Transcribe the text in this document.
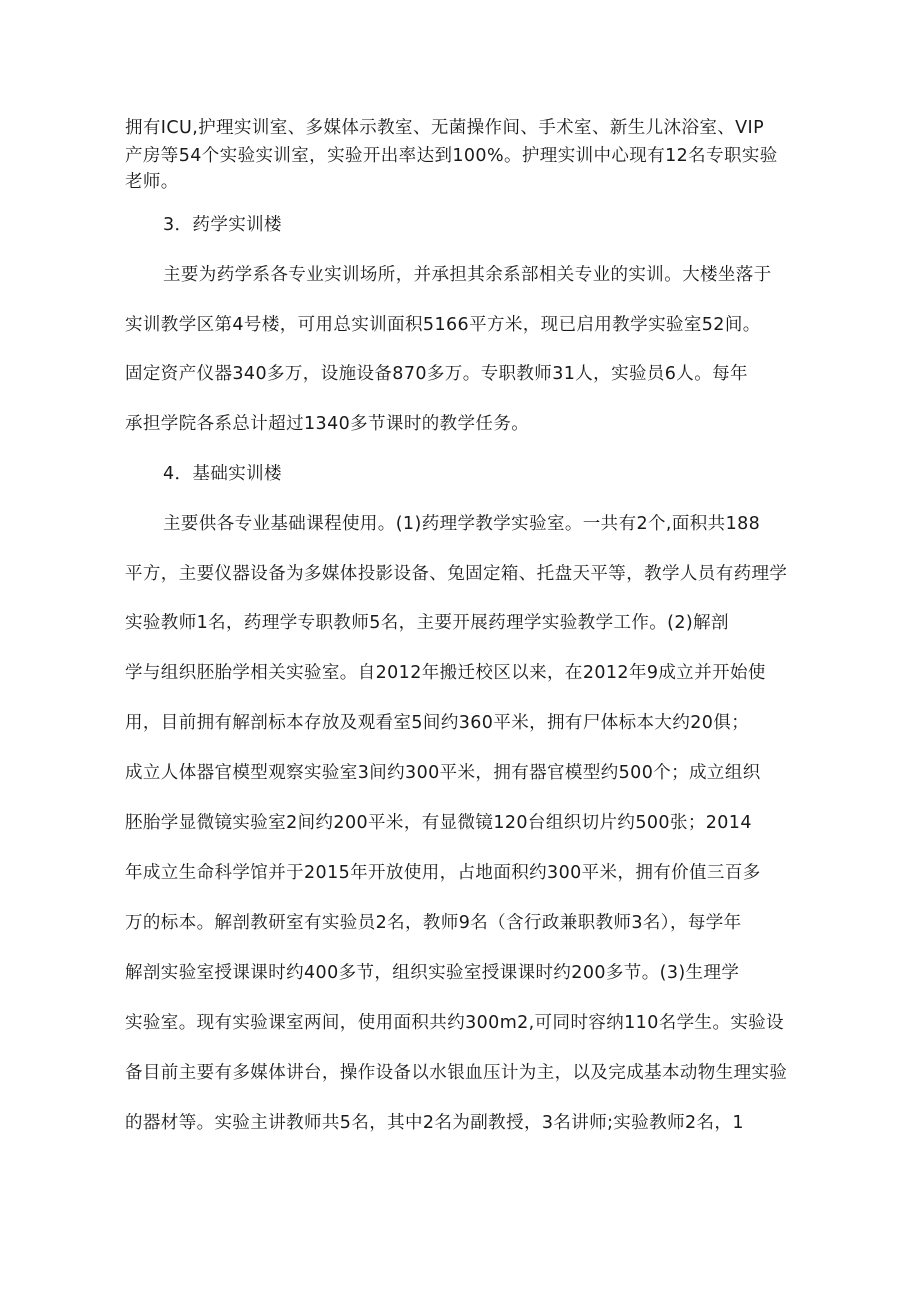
拥有ICU,护理实训室、多媒体示教室、无菌操作间、手术室、新生儿沐浴室、VIP
产房等54个实验实训室，实验开出率达到100%。护理实训中心现有12名专职实验
老师。
3．药学实训楼
主要为药学系各专业实训场所，并承担其余系部相关专业的实训。大楼坐落于
实训教学区第4号楼，可用总实训面积5166平方米，现已启用教学实验室52间。
固定资产仪器340多万，设施设备870多万。专职教师31人，实验员6人。每年
承担学院各系总计超过1340多节课时的教学任务。
4．基础实训楼
主要供各专业基础课程使用。(1)药理学教学实验室。一共有2个,面积共188
平方，主要仪器设备为多媒体投影设备、兔固定箱、托盘天平等，教学人员有药理学
实验教师1名，药理学专职教师5名，主要开展药理学实验教学工作。(2)解剖
学与组织胚胎学相关实验室。自2012年搬迁校区以来，在2012年9成立并开始使
用，目前拥有解剖标本存放及观看室5间约360平米，拥有尸体标本大约20俱；
成立人体器官模型观察实验室3间约300平米，拥有器官模型约500个；成立组织
胚胎学显微镜实验室2间约200平米，有显微镜120台组织切片约500张；2014
年成立生命科学馆并于2015年开放使用，占地面积约300平米，拥有价值三百多
万的标本。解剖教研室有实验员2名，教师9名（含行政兼职教师3名），每学年
解剖实验室授课课时约400多节，组织实验室授课课时约200多节。(3)生理学
实验室。现有实验课室两间，使用面积共约300m2,可同时容纳110名学生。实验设
备目前主要有多媒体讲台，操作设备以水银血压计为主，以及完成基本动物生理实验
的器材等。实验主讲教师共5名，其中2名为副教授，3名讲师;实验教师2名，1
